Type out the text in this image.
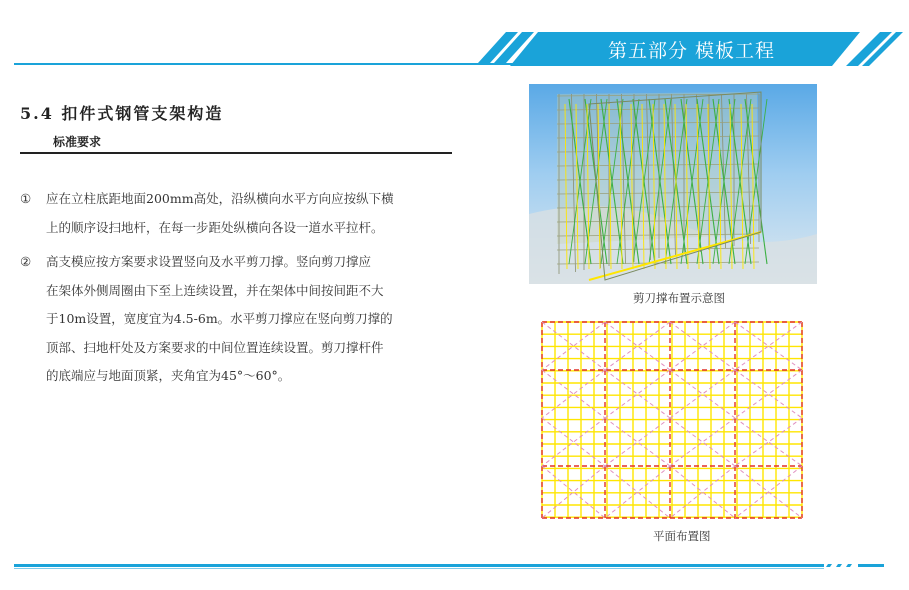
第五部分 模板工程
5.4 扣件式钢管支架构造
标准要求
①	应在立柱底距地面200mm高处，沿纵横向水平方向应按纵下横
上的顺序设扫地杆，在每一步距处纵横向各设一道水平拉杆。
②	高支模应按方案要求设置竖向及水平剪刀撑。竖向剪刀撑应
在架体外侧周圈由下至上连续设置，并在架体中间按间距不大
于10m设置，宽度宜为4.5-6m。水平剪刀撑应在竖向剪刀撑的
顶部、扫地杆处及方案要求的中间位置连续设置。剪刀撑杆件
的底端应与地面顶紧，夹角宜为45°～60°。
剪刀撑布置示意图
平面布置图
